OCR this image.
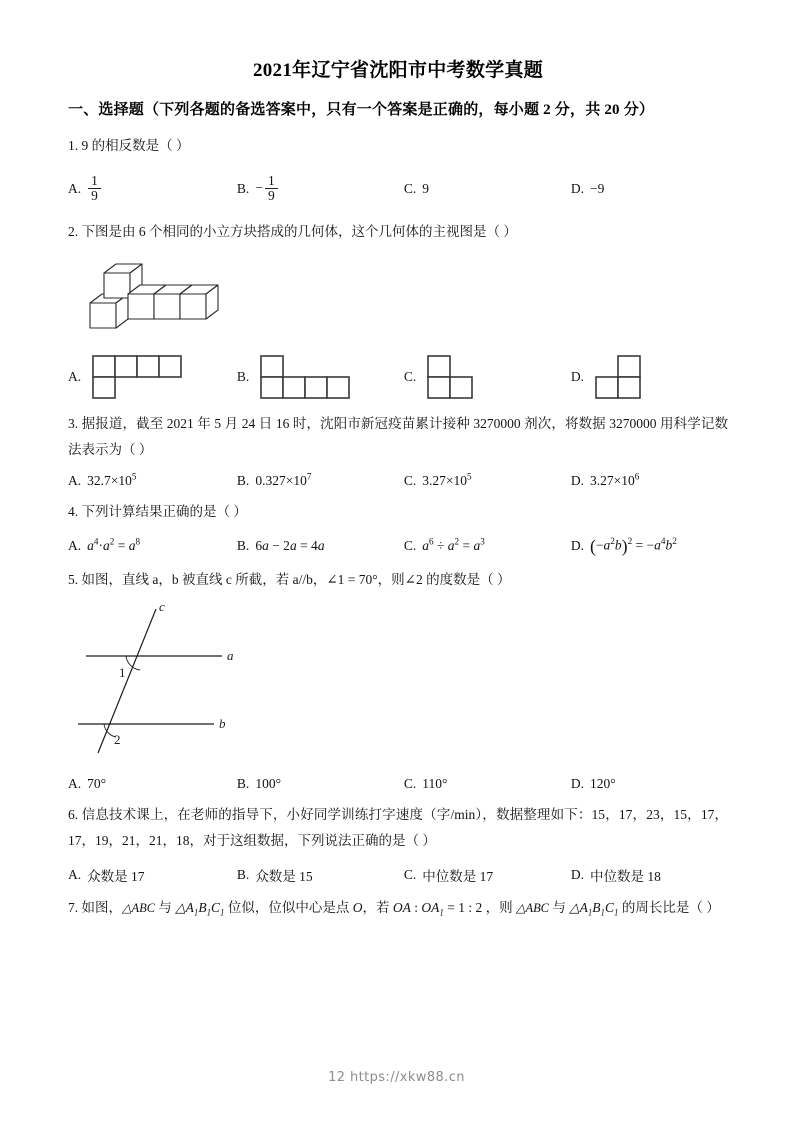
2021年辽宁省沈阳市中考数学真题
一、选择题（下列各题的备选答案中，只有一个答案是正确的，每小题 2 分，共 20 分）
1. 9 的相反数是（ ）
A. $\frac{1}{9}$	B. − $\frac{1}{9}$	C. 9	D. −9
2. 下图是由 6 个相同的小立方块搭成的几何体，这个几何体的主视图是（ ）
A.	B.	C.	D.
3. 据报道，截至 2021 年 5 月 24 日 16 时，沈阳市新冠疫苗累计接种 3270000 剂次，将数据 3270000 用科学记数法表示为（ ）
A. $32.7\times 10^5$	B. $0.327\times 10^7$	C. $3.27\times 10^5$	D. $3.27\times 10^6$
4. 下列计算结果正确的是（ ）
A. $a^4\cdot a^2 = a^8$	B. 6a − 2a = 4a	C. $a^6 \div a^2 = a^3$	D. $(-a^2b)^2 = -a^4b^2$
5. 如图，直线 a，b 被直线 c 所截，若 a//b，∠1 = 70°，则∠2 的度数是（ ）
c
a
b
1
2
A. 70°	B. 100°	C. 110°	D. 120°
6. 信息技术课上，在老师的指导下，小好同学训练打字速度（字/min），数据整理如下：15，17，23，15，17，17，19，21，21，18，对于这组数据，下列说法正确的是（ ）
A. 众数是 17	B. 众数是 15	C. 中位数是 17	D. 中位数是 18
7. 如图，△ABC 与 $\triangle A_1B_1C_1$ 位似，位似中心是点 O，若 OA : $OA_1 = 1$ : 2 ，则 △ABC 与 $\triangle A_1B_1C_1$ 的周长比是（ ）
12 https://xkw88.cn
